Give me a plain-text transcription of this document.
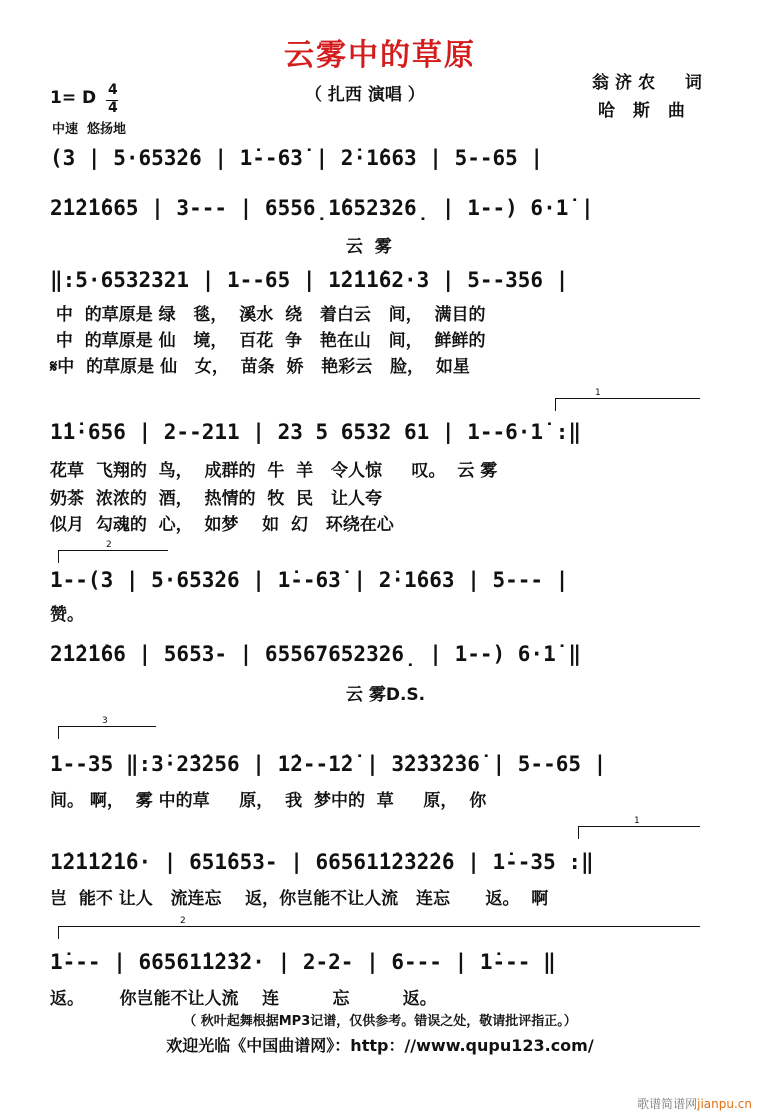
云雾中的草原
（ 扎西 演唱 ）
翁济农  词
哈 斯 曲
1= D 4
4
中速  悠扬地
(3 | 5·653̇2̇6 | 1̇--63̇ | 2̇·1̇663 | 5--65 |
2̇1̇2̇1̇665 | 3--- | 6556̣1̇652326̣ | 1--) 6·1̇ |
云  雾
‖:5·6532321 | 1--65 | 1̇2̇1̇1̇62·3 | 5--356 |
中  的草原是 绿   毯，  溪水  绕   着白云   间，  满目的
中  的草原是 仙   境，  百花  争   艳在山   间，  鲜鲜的
𝄋中  的草原是 仙   女，  苗条  娇   艳彩云   脸，  如星
1
1̇1̇·656 | 2--211 | 23 5 6532 61 | 1--6·1̇ :‖
花草  飞翔的  鸟，  成群的  牛  羊   令人惊     叹。  云 雾
奶茶  浓浓的  酒，  热情的  牧  民   让人夸
似月  勾魂的  心，  如梦    如  幻   环绕在心
2
1--(3 | 5·653̇26 | 1̇--63̇ | 2̇·1̇663 | 5--- |
赞。
2̇1̇2̇1̇66 | 5653- | 65567652326̣ | 1--) 6·1̇ ‖
云 雾D.S.
3
1--35 ‖:3̇·2̇3̇256 | 1̇2--1̇2̇ | 3̇2̇3̇3̇2̇36̇ | 5--65 |
间。 啊，  雾 中的草     原，  我  梦中的  草     原，  你
1
1̇2̇1̇1̇2̇1̇6· | 651̇653- | 66561̇1̇2̇3̇2̇2̇6 | 1̇--35 :‖
岂  能不 让人   流连忘    返，你岂能不让人流   连忘      返。  啊
2
1̇--- | 66561̇1̇2̇3̇2· | 2-2- | 6--- | 1̇--- ‖
返。      你岂能不让人流    连         忘         返。
（ 秋叶起舞根据MP3记谱，仅供参考。错误之处，敬请批评指正。）
欢迎光临《中国曲谱网》：http：//www.qupu123.com/
歌谱简谱网jianpu.cn
